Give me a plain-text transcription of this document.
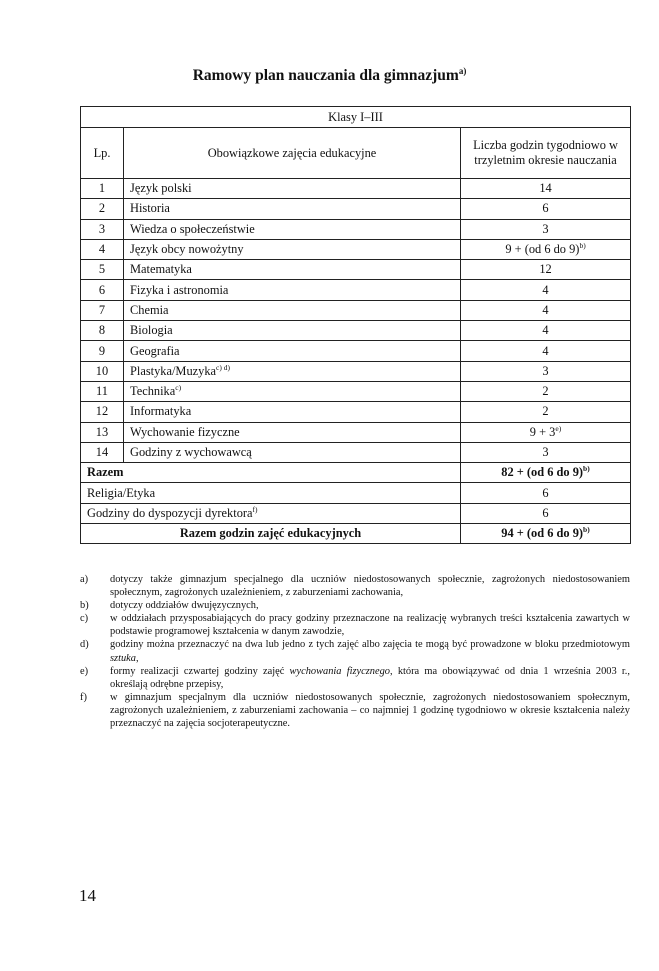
Ramowy plan nauczania dla gimnazjum$^{a)}$
Klasy I–III		
Lp.	Obowiązkowe zajęcia edukacyjne	Liczba godzin tygodniowo w trzyletnim okresie nauczania
1	Język polski	14
2	Historia	6
3	Wiedza o społeczeństwie	3
4	Język obcy nowożytny	9 + (od 6 do 9)$^{b)}$
5	Matematyka	12
6	Fizyka i astronomia	4
7	Chemia	4
8	Biologia	4
9	Geografia	4
10	Plastyka/Muzyka$^{c) d)}$	3
11	Technika$^{c)}$	2
12	Informatyka	2
13	Wychowanie fizyczne	$9 + 3^{e)}$
14	Godziny z wychowawcą	3
Razem		82 + (od 6 do 9)$^{b)}$
Religia/Etyka		6
Godziny do dyspozycji dyrektora$^{f)}$		6
Razem godzin zajęć edukacyjnych		94 + (od 6 do 9)$^{b)}$
a)	dotyczy także gimnazjum specjalnego dla uczniów niedostosowanych społecznie, zagrożonych niedostosowaniem społecznym, zagrożonych uzależnieniem, z zaburzeniami zachowania,
b)	dotyczy oddziałów dwujęzycznych,
c)	w oddziałach przysposabiających do pracy godziny przeznaczone na realizację wybranych treści kształcenia zawartych w podstawie programowej kształcenia w danym zawodzie,
d)	godziny można przeznaczyć na dwa lub jedno z tych zajęć albo zajęcia te mogą być prowadzone w bloku przedmiotowym sztuka,
e)	formy realizacji czwartej godziny zajęć wychowania fizycznego, która ma obowiązywać od dnia 1 września 2003 r., określają odrębne przepisy,
f)	w gimnazjum specjalnym dla uczniów niedostosowanych społecznie, zagrożonych niedostosowaniem społecznym, zagrożonych uzależnieniem, z zaburzeniami zachowania – co najmniej 1 godzinę tygodniowo w okresie kształcenia należy przeznaczyć na zajęcia socjoterapeutyczne.
14
